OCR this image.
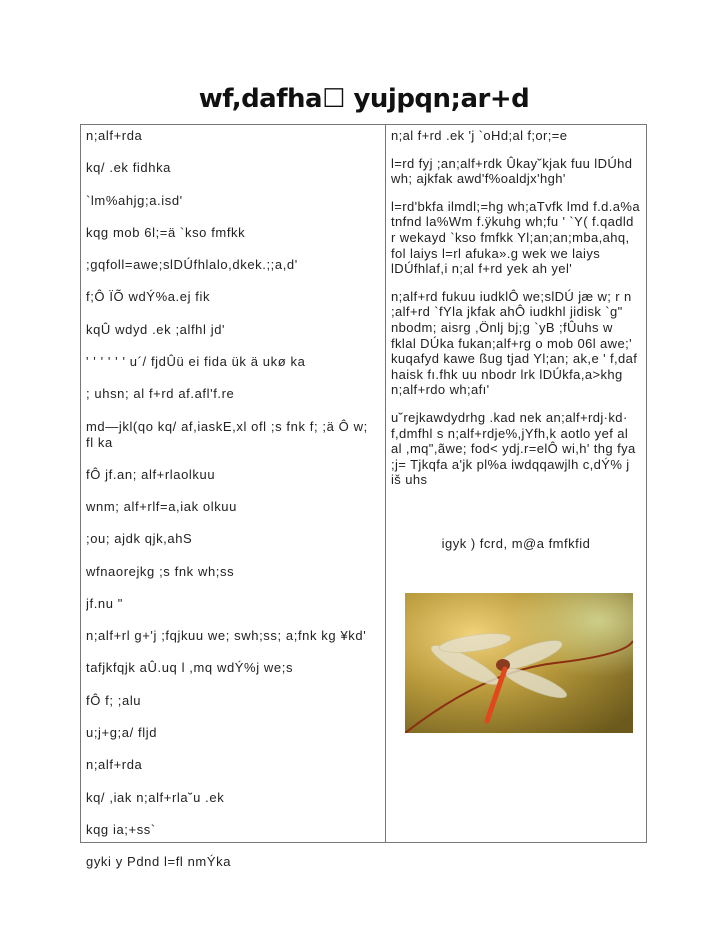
wf,dafha☐ yujpqn;ar+d
n;alf+rda
kq/ .ek fidhka
`lm%ahjg;a.isd'
kqg mob 6l;=ä `kso fmfkk
;gqfoll=awe;slDÚfhlalo,dkek.;;a,d'
f;Ô ÏÕ wdÝ%a.ej fik
kqÛ wdyd .ek ;alfhl jd'
' ' ' ' ' ' u´/ fjdÛü ei fida ük ä ukø ka
; uhsn; al f+rd af.afl'f.re
md—jkl(qo kq/ af,iaskE,xl ofl ;s fnk f; ;ä Ô w; fl ka
fÔ jf.an; alf+rlaolkuu
wnm; alf+rlf=a,iak olkuu
;ou; ajdk qjk,ahS
wfnaorejkg ;s fnk wh;ss
jf.nu "
n;alf+rl g+'j ;fqjkuu we; swh;ss; a;fnk kg ¥kd'
tafjkfqjk aÛ.uq l ,mq wdÝ%j we;s
fÔ f; ;alu
u;j+g;a/ fljd
n;alf+rda
kq/ ,iak n;alf+rla˘u .ek
kqg ia;+ss`
gyki y Pdnd l=fl nmÝka

n;al f+rd .ek 'j `oHd;al f;or;=e

l=rd fyj ;an;alf+rdk Ûkay˘kjak fuu lDÚhd wh; ajkfak awd'f%oaldjx'hgh'

l=rd'bkfa ilmdl;=hg wh;aTvfk lmd f.d.a%a tnfnd la%Wm f.ÿkuhg wh;fu ' `Y( f.qadld r wekayd `kso fmfkk Yl;an;an;mba,ahq, fol laiys l=rl afuka».g wek we laiys lDÚfhlaf,i n;al f+rd yek ah yel'

n;alf+rd fukuu iudklÔ we;slDÚ jæ w; r n ;alf+rd `fYla jkfak ahÔ iudkhl jidisk `g" nbodm; aisrg ,Önlj bj;g `yB ;fÛuhs w fklal DÚka fukan;alf+rg o mob 06l awe;' kuqafyd kawe ßug tjad Yl;an; ak,e ' f,daf haisk fı.fhk uu nbodr lrk lDÚkfa,a>khg n;alf+rdo wh;afı'

u˘rejkawdydrhg .kad nek an;alf+rdj·kd· f,dmfhl s n;alf+rdje%,jYfh,k aotlo yef al al ,mq",ãwe; fod< ydj.r=elÔ wi,h' thg fya ;j= Tjkqfa a'jk pl%a iwdqqawjlh c,dÝ% j iš uhs

igyk ) fcrd, m@a fmfkfid
